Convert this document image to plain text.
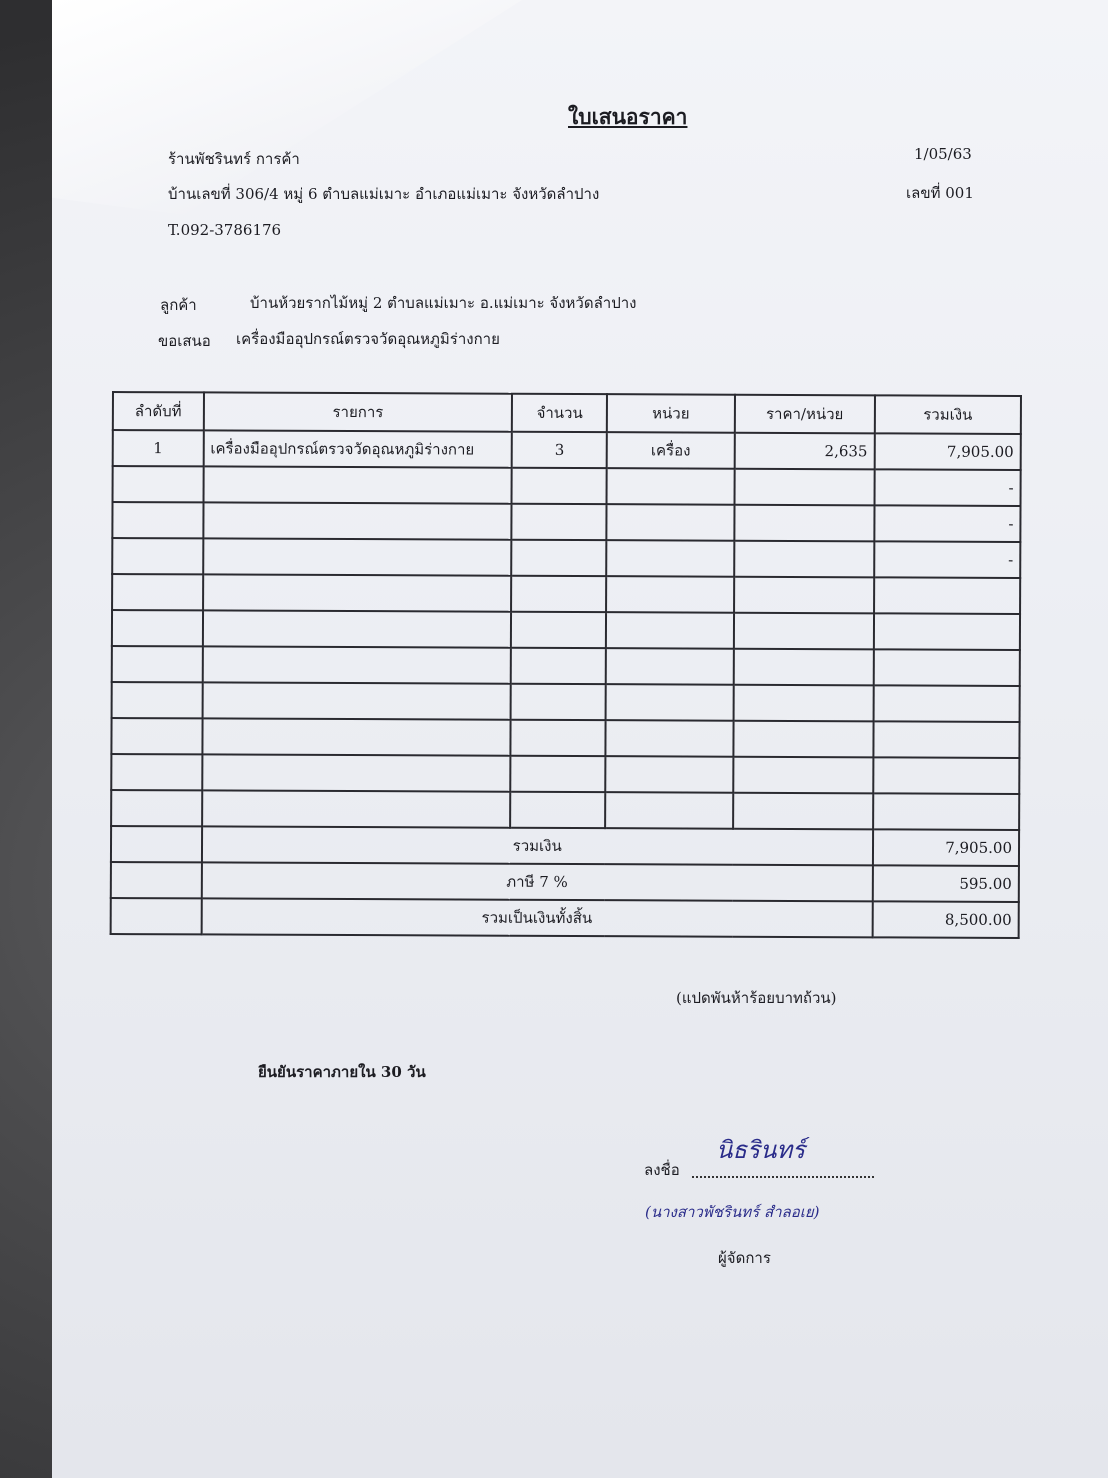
ใบเสนอราคา
ร้านพัชรินทร์ การค้า	1/05/63
บ้านเลขที่ 306/4 หมู่ 6 ตำบลแม่เมาะ อำเภอแม่เมาะ จังหวัดลำปาง	เลขที่ 001
T.092-3786176
ลูกค้า	บ้านห้วยรากไม้หมู่ 2 ตำบลแม่เมาะ อ.แม่เมาะ จังหวัดลำปาง
ขอเสนอ เครื่องมืออุปกรณ์ตรวจวัดอุณหภูมิร่างกาย
ลำดับที่	รายการ	จำนวน	หน่วย	ราคา/หน่วย	รวมเงิน
1	เครื่องมืออุปกรณ์ตรวจวัดอุณหภูมิร่างกาย	3	เครื่อง	2,635	7,905.00
					-
					-
					-

	รวมเงิน				7,905.00
	ภาษี 7 %				595.00
	รวมเป็นเงินทั้งสิ้น				8,500.00
(แปดพันห้าร้อยบาทถ้วน)
ยืนยันราคาภายใน 30 วัน
ลงชื่อ
นิธรินทร์
(นางสาวพัชรินทร์ สำลอเย)
ผู้จัดการ
